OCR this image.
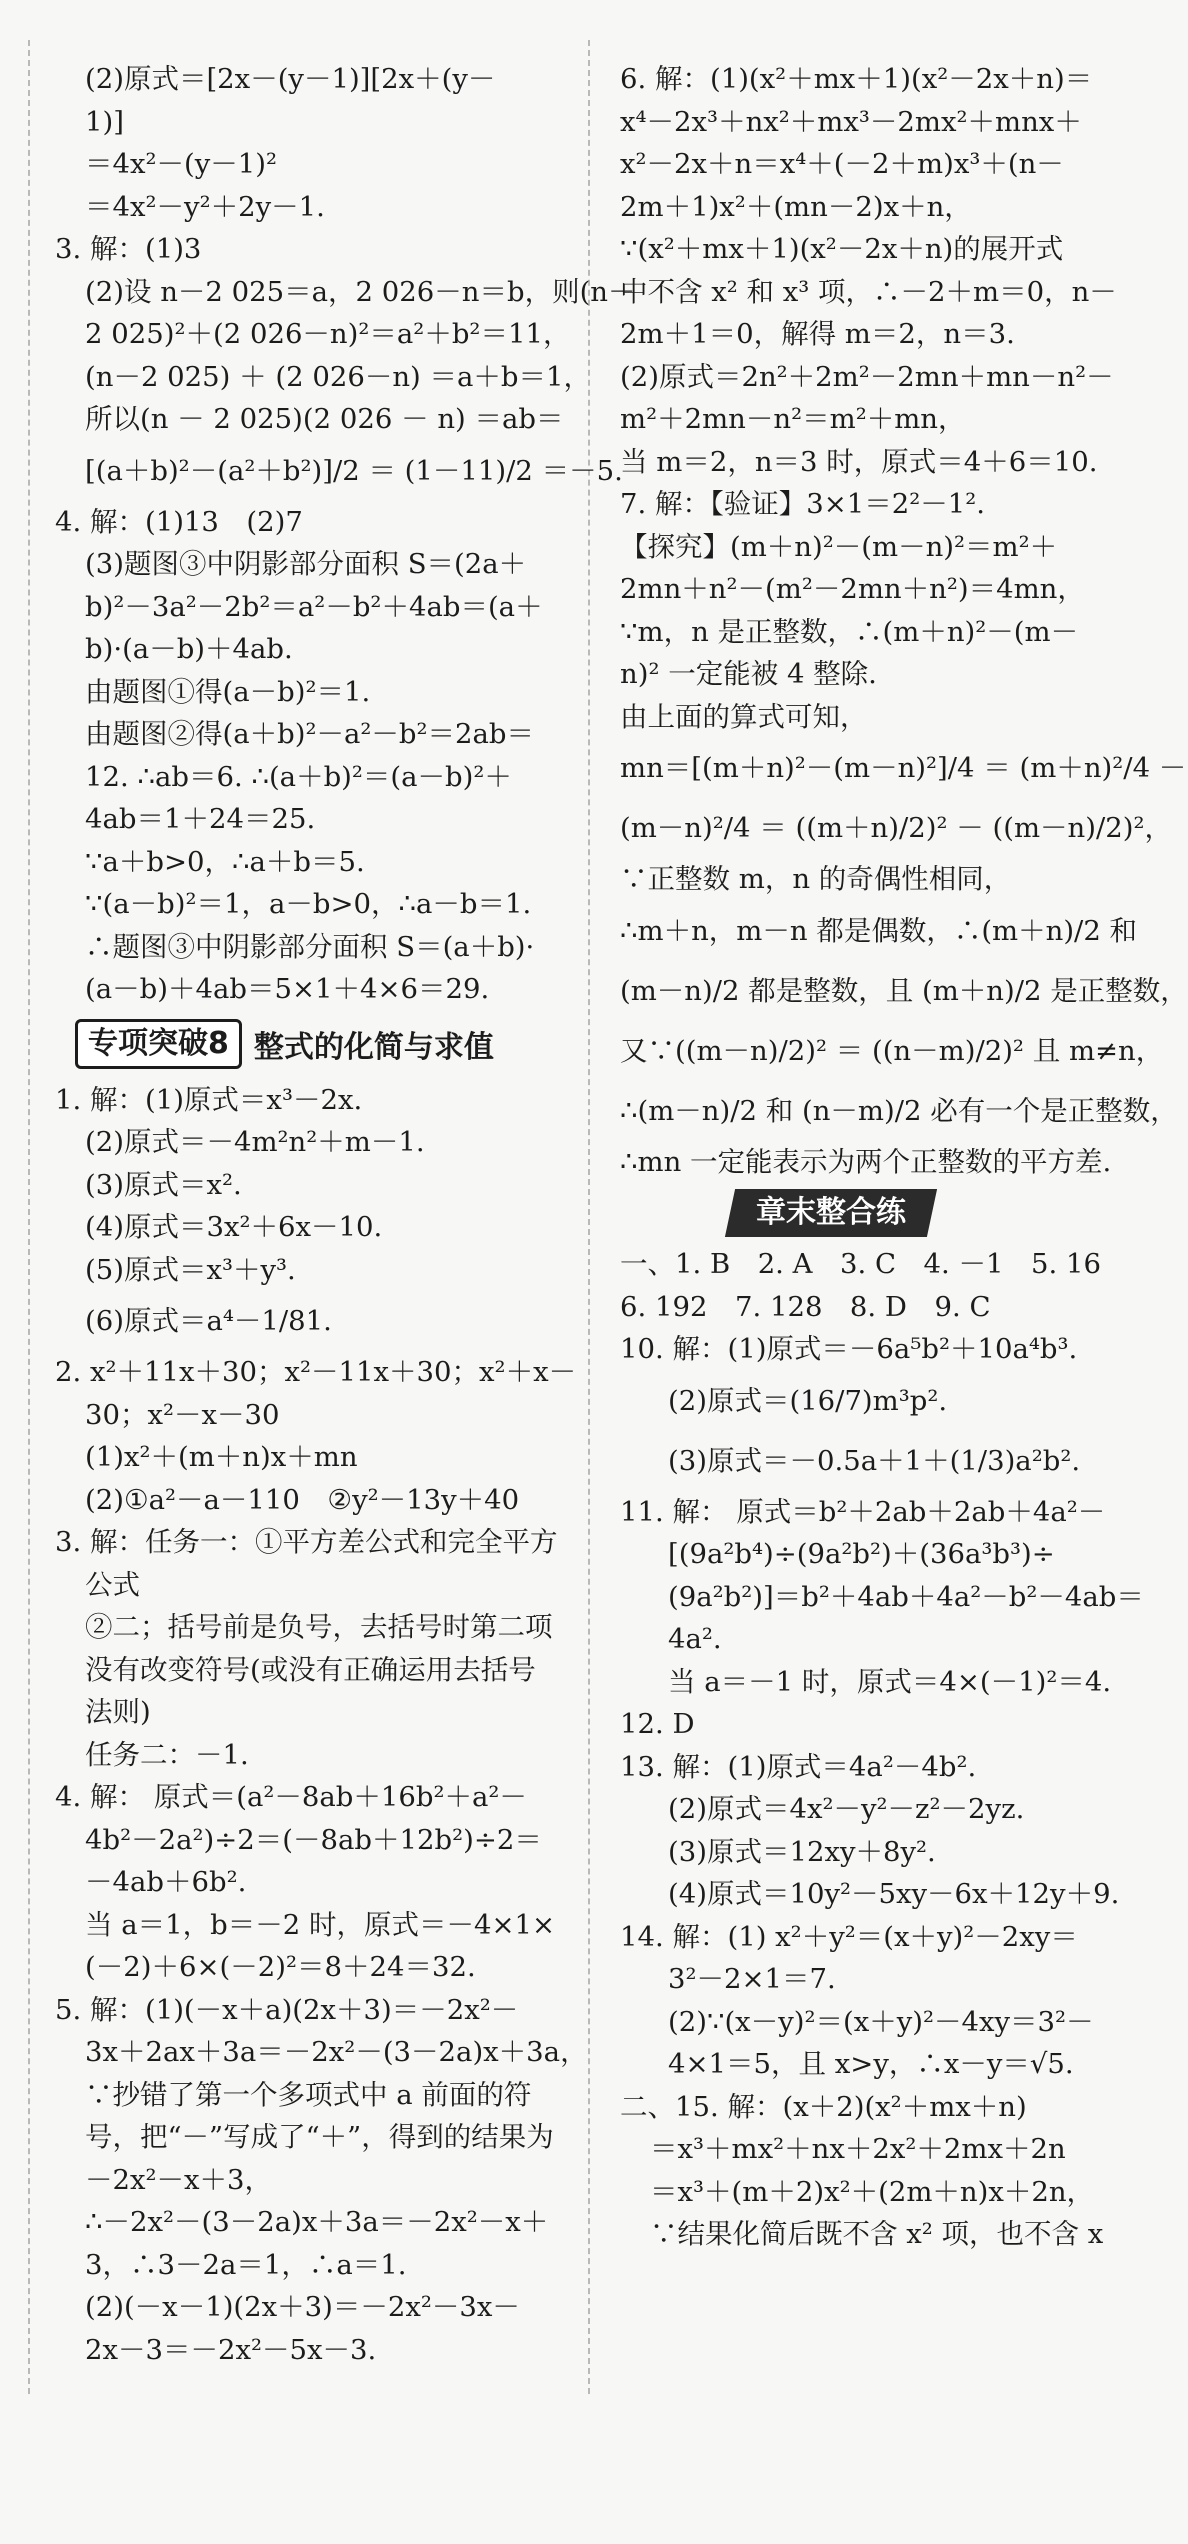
(2)原式＝[2x－(y－1)][2x＋(y－
1)]
＝4x²－(y－1)²
＝4x²－y²＋2y－1.
3. 解：(1)3
(2)设 n－2 025＝a，2 026－n＝b，则(n－
2 025)²＋(2 026－n)²＝a²＋b²＝11，
(n－2 025) ＋ (2 026－n) ＝a＋b＝1，
所以(n － 2 025)(2 026 － n) ＝ab＝
[(a＋b)²－(a²＋b²)]/2 ＝ (1－11)/2 ＝－5.
4. 解：(1)13　(2)7
(3)题图③中阴影部分面积 S＝(2a＋
b)²－3a²－2b²＝a²－b²＋4ab＝(a＋
b)·(a－b)＋4ab.
由题图①得(a－b)²＝1.
由题图②得(a＋b)²－a²－b²＝2ab＝
12. ∴ab＝6. ∴(a＋b)²＝(a－b)²＋
4ab＝1＋24＝25.
∵a＋b>0，∴a＋b＝5.
∵(a－b)²＝1，a－b>0，∴a－b＝1.
∴题图③中阴影部分面积 S＝(a＋b)·
(a－b)＋4ab＝5×1＋4×6＝29.
专项突破8 整式的化简与求值
1. 解：(1)原式＝x³－2x.
(2)原式＝－4m²n²＋m－1.
(3)原式＝x².
(4)原式＝3x²＋6x－10.
(5)原式＝x³＋y³.
(6)原式＝a⁴－1/81.
2. x²＋11x＋30；x²－11x＋30；x²＋x－
30；x²－x－30
(1)x²＋(m＋n)x＋mn
(2)①a²－a－110　②y²－13y＋40
3. 解：任务一：①平方差公式和完全平方
公式
②二；括号前是负号，去括号时第二项
没有改变符号(或没有正确运用去括号
法则)
任务二：－1.
4. 解： 原式＝(a²－8ab＋16b²＋a²－
4b²－2a²)÷2＝(－8ab＋12b²)÷2＝
－4ab＋6b².
当 a＝1，b＝－2 时，原式＝－4×1×
(－2)＋6×(－2)²＝8＋24＝32.
5. 解：(1)(－x＋a)(2x＋3)＝－2x²－
3x＋2ax＋3a＝－2x²－(3－2a)x＋3a，
∵抄错了第一个多项式中 a 前面的符
号，把“－”写成了“＋”，得到的结果为
－2x²－x＋3，
∴－2x²－(3－2a)x＋3a＝－2x²－x＋
3，∴3－2a＝1，∴a＝1.
(2)(－x－1)(2x＋3)＝－2x²－3x－
2x－3＝－2x²－5x－3.
6. 解：(1)(x²＋mx＋1)(x²－2x＋n)＝
x⁴－2x³＋nx²＋mx³－2mx²＋mnx＋
x²－2x＋n＝x⁴＋(－2＋m)x³＋(n－
2m＋1)x²＋(mn－2)x＋n，
∵(x²＋mx＋1)(x²－2x＋n)的展开式
中不含 x² 和 x³ 项，∴－2＋m＝0，n－
2m＋1＝0，解得 m＝2，n＝3.
(2)原式＝2n²＋2m²－2mn＋mn－n²－
m²＋2mn－n²＝m²＋mn，
当 m＝2，n＝3 时，原式＝4＋6＝10.
7. 解：【验证】3×1＝2²－1².
【探究】(m＋n)²－(m－n)²＝m²＋
2mn＋n²－(m²－2mn＋n²)＝4mn，
∵m，n 是正整数，∴(m＋n)²－(m－
n)² 一定能被 4 整除.
由上面的算式可知，
mn＝[(m＋n)²－(m－n)²]/4 ＝ (m＋n)²/4 －
(m－n)²/4 ＝ ((m＋n)/2)² － ((m－n)/2)²，
∵正整数 m，n 的奇偶性相同，
∴m＋n，m－n 都是偶数，∴(m＋n)/2 和
(m－n)/2 都是整数，且 (m＋n)/2 是正整数，
又∵((m－n)/2)² ＝ ((n－m)/2)² 且 m≠n，
∴(m－n)/2 和 (n－m)/2 必有一个是正整数，
∴mn 一定能表示为两个正整数的平方差.
章末整合练
一、1. B　2. A　3. C　4. －1　5. 16
6. 192　7. 128　8. D　9. C
10. 解：(1)原式＝－6a⁵b²＋10a⁴b³.
(2)原式＝(16/7)m³p².
(3)原式＝－0.5a＋1＋(1/3)a²b².
11. 解： 原式＝b²＋2ab＋2ab＋4a²－
[(9a²b⁴)÷(9a²b²)＋(36a³b³)÷
(9a²b²)]＝b²＋4ab＋4a²－b²－4ab＝
4a².
当 a＝－1 时，原式＝4×(－1)²＝4.
12. D
13. 解：(1)原式＝4a²－4b².
(2)原式＝4x²－y²－z²－2yz.
(3)原式＝12xy＋8y².
(4)原式＝10y²－5xy－6x＋12y＋9.
14. 解：(1) x²＋y²＝(x＋y)²－2xy＝
3²－2×1＝7.
(2)∵(x－y)²＝(x＋y)²－4xy＝3²－
4×1＝5，且 x>y，∴x－y＝√5.
二、15. 解：(x＋2)(x²＋mx＋n)
＝x³＋mx²＋nx＋2x²＋2mx＋2n
＝x³＋(m＋2)x²＋(2m＋n)x＋2n，
∵结果化简后既不含 x² 项，也不含 x
